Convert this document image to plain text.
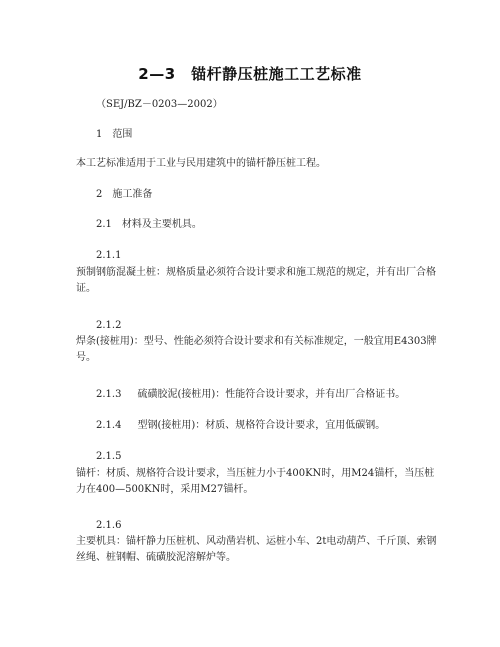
2—3　锚杆静压桩施工工艺标准
（SEJ/BZ－0203—2002）
1　范围
本工艺标准适用于工业与民用建筑中的锚杆静压桩工程。
2　施工准备
2.1　材料及主要机具。
2.1.1
预制钢筋混凝土桩：规格质量必须符合设计要求和施工规范的规定，并有出厂合格证。
2.1.2
焊条(接桩用)：型号、性能必须符合设计要求和有关标准规定，一般宜用E4303牌号。
2.1.3 硫磺胶泥(接桩用)：性能符合设计要求，并有出厂合格证书。
2.1.4 型钢(接桩用)：材质、规格符合设计要求，宜用低碳钢。
2.1.5
锚杆：材质、规格符合设计要求，当压桩力小于400KN时，用M24锚杆，当压桩力在400—500KN时，采用M27锚杆。
2.1.6
主要机具：锚杆静力压桩机、风动凿岩机、运桩小车、2t电动葫芦、千斤顶、索钢丝绳、桩钢帽、硫磺胶泥溶解炉等。
